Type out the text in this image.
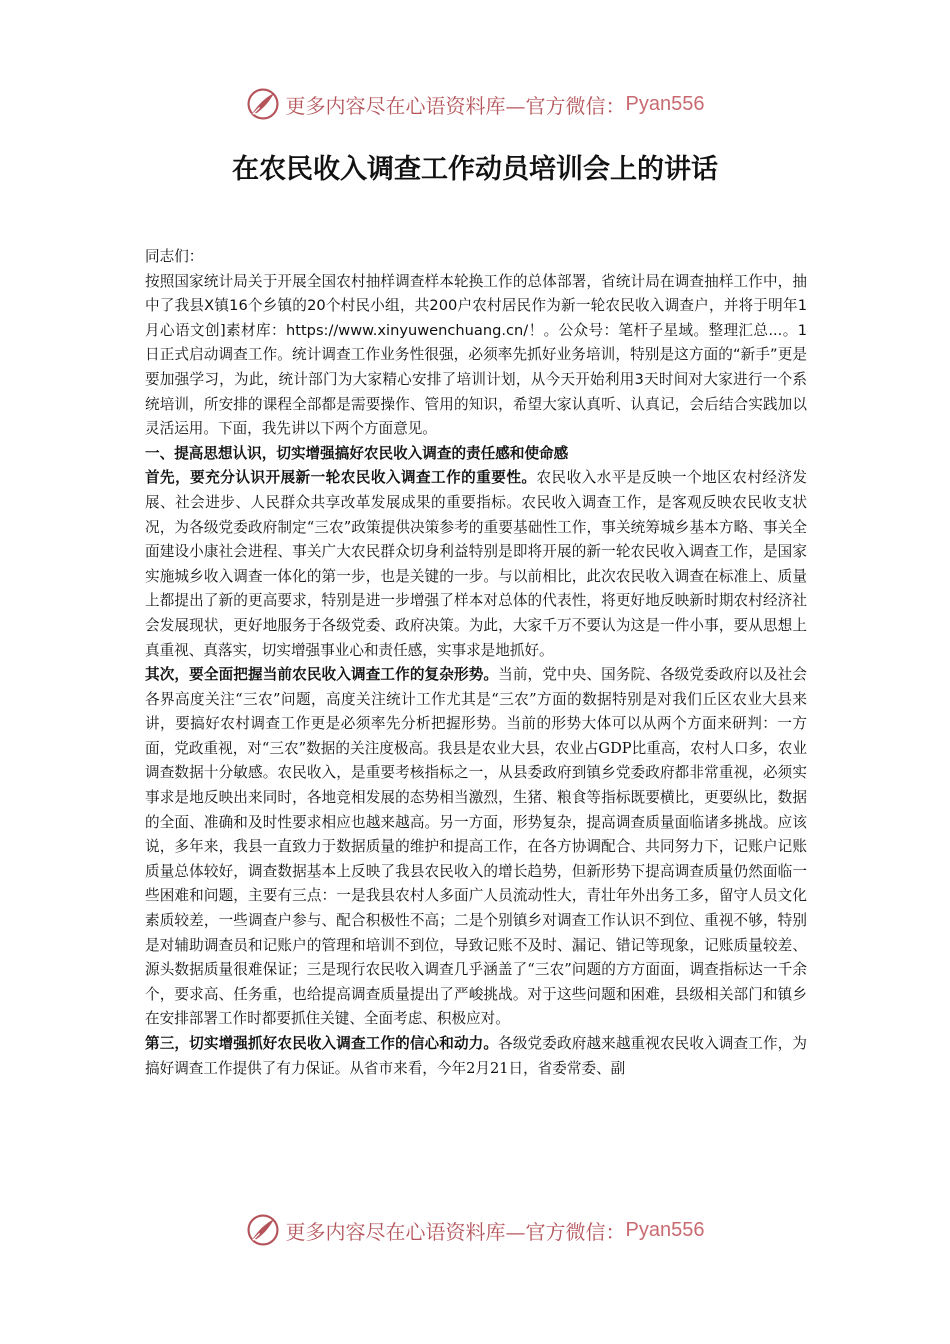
更多内容尽在心语资料库—官方微信： Pyan556
在农民收入调查工作动员培训会上的讲话

同志们：

按照国家统计局关于开展全国农村抽样调查样本轮换工作的总体部署，省统计局在调查抽样工作中，抽中了我县X镇16个乡镇的20个村民小组，共200户农村居民作为新一轮农民收入调查户，并将于明年1月心语文创]素材库：https://www.xinyuwenchuang.cn/！。公众号：笔杆子星域。整理汇总...。1日正式启动调查工作。统计调查工作业务性很强，必须率先抓好业务培训，特别是这方面的“新手”更是要加强学习，为此，统计部门为大家精心安排了培训计划，从今天开始利用3天时间对大家进行一个系统培训，所安排的课程全部都是需要操作、管用的知识，希望大家认真听、认真记，会后结合实践加以灵活运用。下面，我先讲以下两个方面意见。

一、提高思想认识，切实增强搞好农民收入调查的责任感和使命感

首先，要充分认识开展新一轮农民收入调查工作的重要性。农民收入水平是反映一个地区农村经济发展、社会进步、人民群众共享改革发展成果的重要指标。农民收入调查工作，是客观反映农民收支状况，为各级党委政府制定“三农”政策提供决策参考的重要基础性工作，事关统筹城乡基本方略、事关全面建设小康社会进程、事关广大农民群众切身利益特别是即将开展的新一轮农民收入调查工作，是国家实施城乡收入调查一体化的第一步，也是关键的一步。与以前相比，此次农民收入调查在标准上、质量上都提出了新的更高要求，特别是进一步增强了样本对总体的代表性，将更好地反映新时期农村经济社会发展现状，更好地服务于各级党委、政府决策。为此，大家千万不要认为这是一件小事，要从思想上真重视、真落实，切实增强事业心和责任感，实事求是地抓好。

其次，要全面把握当前农民收入调查工作的复杂形势。当前，党中央、国务院、各级党委政府以及社会各界高度关注“三农”问题，高度关注统计工作尤其是“三农”方面的数据特别是对我们丘区农业大县来讲，要搞好农村调查工作更是必须率先分析把握形势。当前的形势大体可以从两个方面来研判：一方面，党政重视，对“三农”数据的关注度极高。我县是农业大县，农业占GDP比重高，农村人口多，农业调查数据十分敏感。农民收入，是重要考核指标之一，从县委政府到镇乡党委政府都非常重视，必须实事求是地反映出来同时，各地竞相发展的态势相当激烈，生猪、粮食等指标既要横比，更要纵比，数据的全面、准确和及时性要求相应也越来越高。另一方面，形势复杂，提高调查质量面临诸多挑战。应该说，多年来，我县一直致力于数据质量的维护和提高工作，在各方协调配合、共同努力下，记账户记账质量总体较好，调查数据基本上反映了我县农民收入的增长趋势，但新形势下提高调查质量仍然面临一些困难和问题，主要有三点：一是我县农村人多面广人员流动性大，青壮年外出务工多，留守人员文化素质较差，一些调查户参与、配合积极性不高；二是个别镇乡对调查工作认识不到位、重视不够，特别是对辅助调查员和记账户的管理和培训不到位，导致记账不及时、漏记、错记等现象，记账质量较差、源头数据质量很难保证；三是现行农民收入调查几乎涵盖了“三农”问题的方方面面，调查指标达一千余个，要求高、任务重，也给提高调查质量提出了严峻挑战。对于这些问题和困难，县级相关部门和镇乡在安排部署工作时都要抓住关键、全面考虑、积极应对。

第三，切实增强抓好农民收入调查工作的信心和动力。各级党委政府越来越重视农民收入调查工作，为搞好调查工作提供了有力保证。从省市来看，今年2月21日，省委常委、副

更多内容尽在心语资料库—官方微信： Pyan556
